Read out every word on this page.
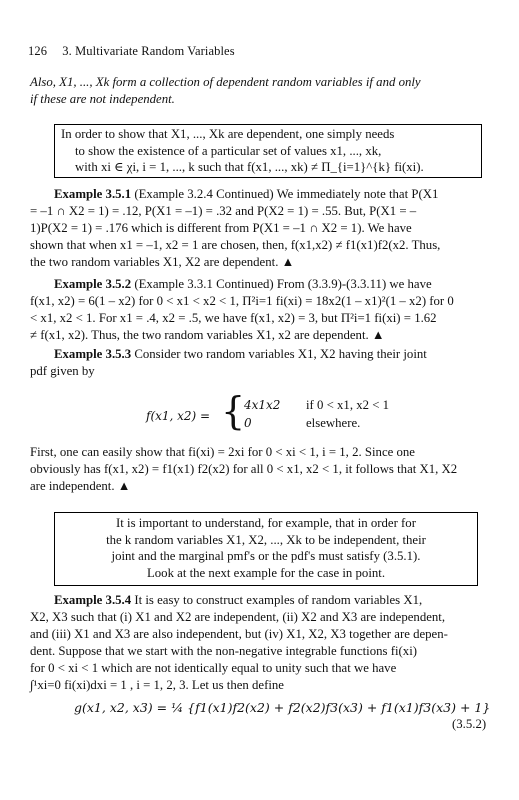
126 3. Multivariate Random Variables
Also, X1, ..., Xk form a collection of dependent random variables if and only
if these are not independent.
In order to show that X1, ..., Xk are dependent, one simply needs
to show the existence of a particular set of values x1, ..., xk,
with xi ∈ χi, i = 1, ..., k such that f(x1, ..., xk) ≠ Π_{i=1}^{k} fi(xi).
Example 3.5.1 (Example 3.2.4 Continued) We immediately note that P(X1
= –1 ∩ X2 = 1) = .12, P(X1 = –1) = .32 and P(X2 = 1) = .55. But, P(X1 = –
1)P(X2 = 1) = .176 which is different from P(X1 = –1 ∩ X2 = 1). We have
shown that when x1 = –1, x2 = 1 are chosen, then, f(x1,x2) ≠ f1(x1)f2(x2. Thus,
the two random variables X1, X2 are dependent. ▲
Example 3.5.2 (Example 3.3.1 Continued) From (3.3.9)-(3.3.11) we have
f(x1, x2) = 6(1 – x2) for 0 < x1 < x2 < 1, Π²i=1 fi(xi) = 18x2(1 – x1)²(1 – x2) for 0
< x1, x2 < 1. For x1 = .4, x2 = .5, we have f(x1, x2) = 3, but Π²i=1 fi(xi) = 1.62
≠ f(x1, x2). Thus, the two random variables X1, x2 are dependent. ▲
Example 3.5.3 Consider two random variables X1, X2 having their joint
pdf given by
f(x1, x2) = {
4x1x2 if 0 < x1, x2 < 1
0	elsewhere.
First, one can easily show that fi(xi) = 2xi for 0 < xi < 1, i = 1, 2. Since one
obviously has f(x1, x2) = f1(x1) f2(x2) for all 0 < x1, x2 < 1, it follows that X1, X2
are independent. ▲
It is important to understand, for example, that in order for
the k random variables X1, X2, ..., Xk to be independent, their
joint and the marginal pmf's or the pdf's must satisfy (3.5.1).
Look at the next example for the case in point.
Example 3.5.4 It is easy to construct examples of random variables X1,
X2, X3 such that (i) X1 and X2 are independent, (ii) X2 and X3 are independent,
and (iii) X1 and X3 are also independent, but (iv) X1, X2, X3 together are depen-
dent. Suppose that we start with the non-negative integrable functions fi(xi)
for 0 < xi < 1 which are not identically equal to unity such that we have
∫¹xi=0 fi(xi)dxi = 1 , i = 1, 2, 3. Let us then define
g(x1, x2, x3) = ¼ {f1(x1)f2(x2) + f2(x2)f3(x3) + f1(x1)f3(x3) + 1}
(3.5.2)
